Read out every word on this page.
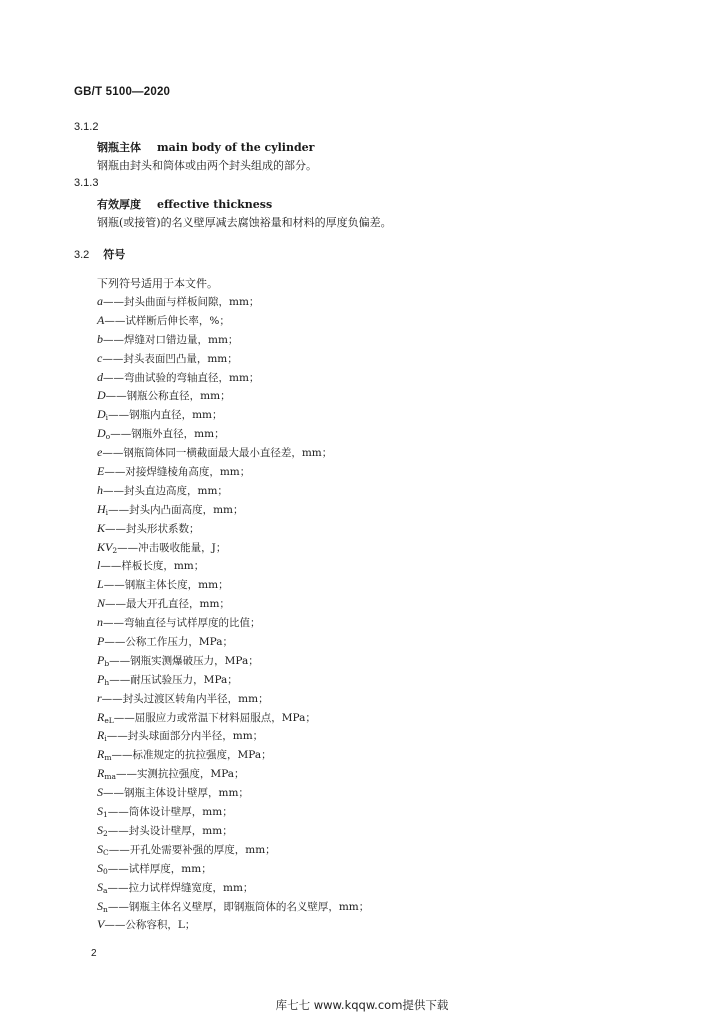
GB/T 5100—2020
3.1.2
钢瓶主体 main body of the cylinder
钢瓶由封头和筒体或由两个封头组成的部分。
3.1.3
有效厚度 effective thickness
钢瓶(或接管)的名义壁厚减去腐蚀裕量和材料的厚度负偏差。
3.2 符号
下列符号适用于本文件。
a——封头曲面与样板间隙，mm；
A——试样断后伸长率，%；
b——焊缝对口错边量，mm；
c——封头表面凹凸量，mm；
d——弯曲试验的弯轴直径，mm；
D——钢瓶公称直径，mm；
$D_i——$钢瓶内直径，mm；
$D_o——$钢瓶外直径，mm；
e——钢瓶筒体同一横截面最大最小直径差，mm；
E——对接焊缝棱角高度，mm；
h——封头直边高度，mm；
$H_i——$封头内凸面高度，mm；
K——封头形状系数；
$KV_2——$冲击吸收能量，J；
l——样板长度，mm；
L——钢瓶主体长度，mm；
N——最大开孔直径，mm；
n——弯轴直径与试样厚度的比值；
P——公称工作压力，MPa；
$P_b——$钢瓶实测爆破压力，MPa；
$P_h——$耐压试验压力，MPa；
r——封头过渡区转角内半径，mm；
$R_{eL}——$屈服应力或常温下材料屈服点，MPa；
$R_i——$封头球面部分内半径，mm；
$R_m——$标准规定的抗拉强度，MPa；
$R_{ma}——$实测抗拉强度，MPa；
S——钢瓶主体设计壁厚，mm；
$S_1——$筒体设计壁厚，mm；
$S_2——$封头设计壁厚，mm；
$S_C——$开孔处需要补强的厚度，mm；
$S_0——$试样厚度，mm；
$S_a——$拉力试样焊缝宽度，mm；
$S_n——$钢瓶主体名义壁厚，即钢瓶筒体的名义壁厚，mm；
V——公称容积，L；
2
库七七 www.kqqw.com提供下载
